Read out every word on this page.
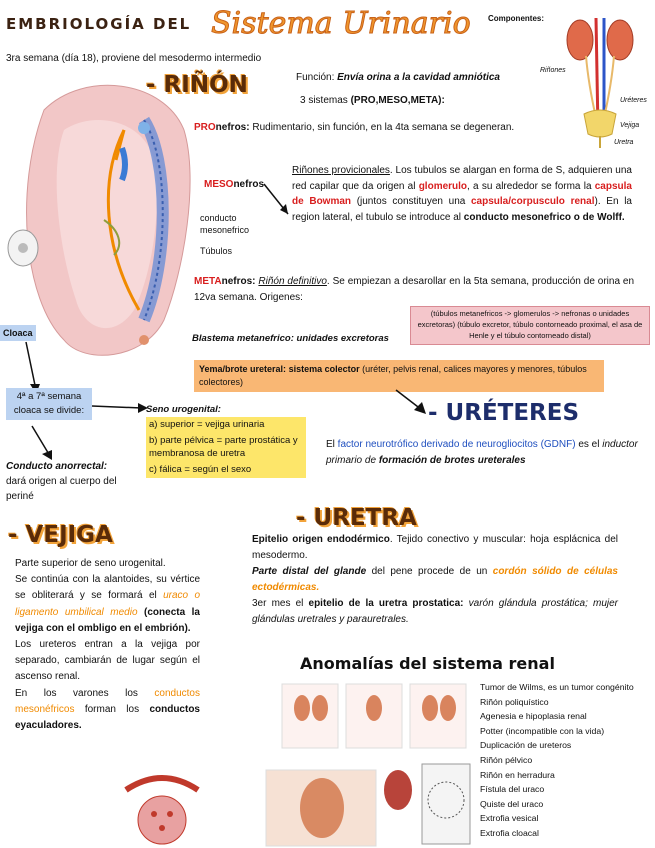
EMBRIOLOGÍA DEL Sistema Urinario
3ra semana (día 18), proviene del mesodermo intermedio
Componentes:
Riñones
Uréteres
Vejiga
Uretra
- RIÑÓN	Función: Envía orina a la cavidad amniótica
3 sistemas (PRO,MESO,META):
PROnefros: Rudimentario, sin función, en la 4ta semana se degeneran.
MESOnefros
Riñones provicionales. Los tubulos se alargan en forma de S, adquieren una red capilar que da origen al glomerulo, a su alrededor se forma la capsula de Bowman (juntos constituyen una capsula/corpusculo renal). En la region lateral, el tubulo se introduce al conducto mesonefrico o de Wolff.
conducto mesonefrico
Túbulos
METAnefros: Riñón definitivo. Se empiezan a desarollar en la 5ta semana, producción de orina en 12va semana. Origenes:
Blastema metanefrico: unidades excretoras
(túbulos metanefricos -> glomerulos -> nefronas o unidades excretoras) (túbulo excretor, túbulo contorneado proximal, el asa de Henle y el túbulo contorneado distal)
Yema/brote ureteral: sistema colector (uréter, pelvis renal, calices mayores y menores, túbulos colectores)
Cloaca
4ª a 7ª semana cloaca se divide:
Conducto anorrectal: dará origen al cuerpo del periné
Seno urogenital:
a) superior = vejiga urinaria
b) parte pélvica = parte prostática y membranosa de uretra
c) fálica = según el sexo
- URÉTERES
El factor neurotrófico derivado de neurogliocitos (GDNF) es el inductor primario de formación de brotes ureterales
- VEJIGA
Parte superior de seno urogenital.
Se continúa con la alantoides, su vértice se obliterará y se formará el uraco o ligamento umbilical medio (conecta la vejiga con el ombligo en el embrión).
Los ureteros entran a la vejiga por separado, cambiarán de lugar según el ascenso renal.
En los varones los conductos mesonéfricos forman los conductos eyaculadores.
- URETRA
Epitelio origen endodérmico. Tejido conectivo y muscular: hoja esplácnica del mesodermo.
Parte distal del glande del pene procede de un cordón sólido de células ectodérmicas.
3er mes el epitelio de la uretra prostatica: varón glándula prostática; mujer glándulas uretrales y parauretrales.
Anomalías del sistema renal
Tumor de Wilms, es un tumor congénito
Riñón poliquístico
Agenesia e hipoplasia renal
Potter (incompatible con la vida)
Duplicación de ureteros
Riñón pélvico
Riñón en herradura
Fístula del uraco
Quiste del uraco
Extrofia vesical
Extrofia cloacal
